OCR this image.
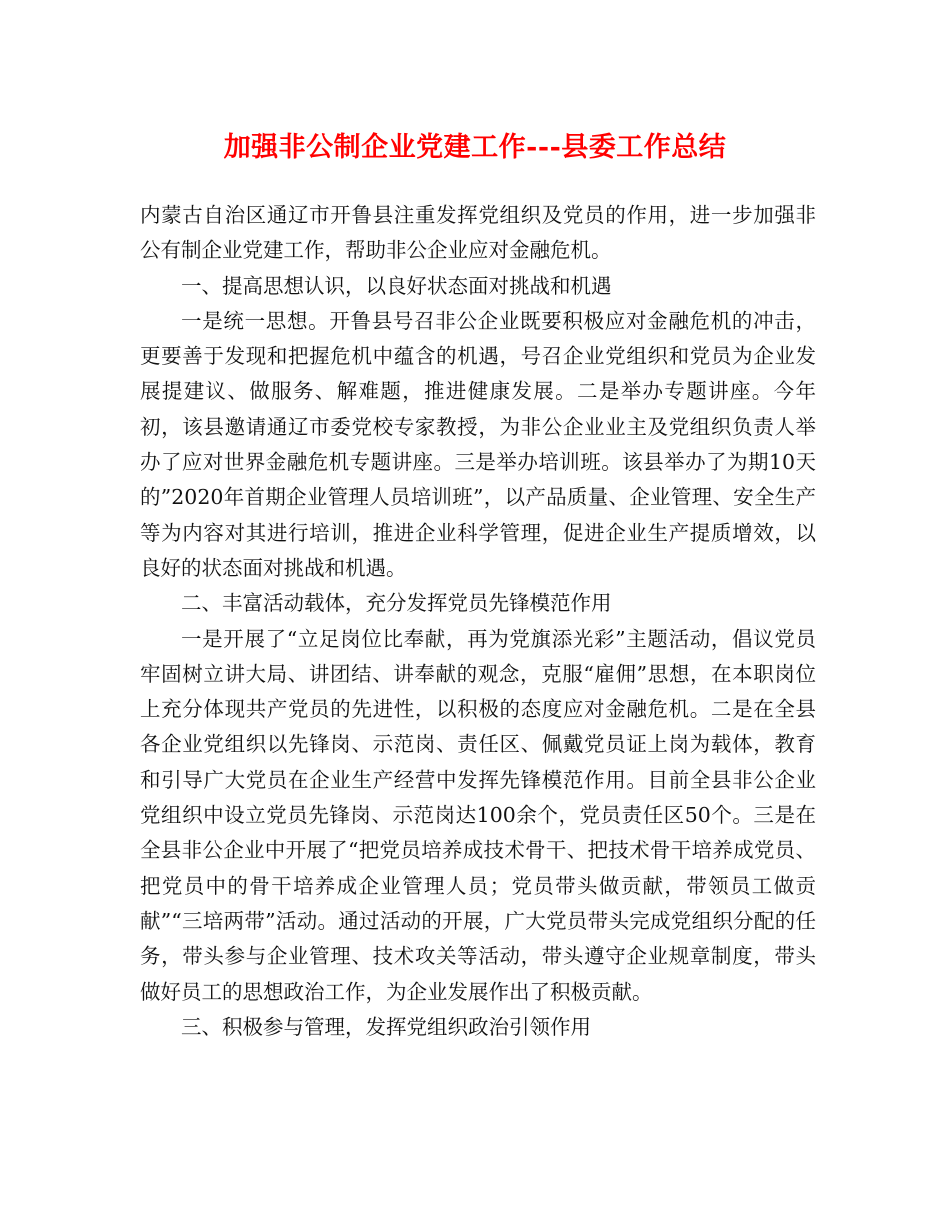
加强非公制企业党建工作---县委工作总结

内蒙古自治区通辽市开鲁县注重发挥党组织及党员的作用，进一步加强非公有制企业党建工作，帮助非公企业应对金融危机。

一、提高思想认识，以良好状态面对挑战和机遇

一是统一思想。开鲁县号召非公企业既要积极应对金融危机的冲击，更要善于发现和把握危机中蕴含的机遇，号召企业党组织和党员为企业发展提建议、做服务、解难题，推进健康发展。二是举办专题讲座。今年初，该县邀请通辽市委党校专家教授，为非公企业业主及党组织负责人举办了应对世界金融危机专题讲座。三是举办培训班。该县举办了为期10天的”2020年首期企业管理人员培训班”，以产品质量、企业管理、安全生产等为内容对其进行培训，推进企业科学管理，促进企业生产提质增效，以良好的状态面对挑战和机遇。

二、丰富活动载体，充分发挥党员先锋模范作用

一是开展了“立足岗位比奉献，再为党旗添光彩”主题活动，倡议党员牢固树立讲大局、讲团结、讲奉献的观念，克服“雇佣”思想，在本职岗位上充分体现共产党员的先进性，以积极的态度应对金融危机。二是在全县各企业党组织以先锋岗、示范岗、责任区、佩戴党员证上岗为载体，教育和引导广大党员在企业生产经营中发挥先锋模范作用。目前全县非公企业党组织中设立党员先锋岗、示范岗达100余个，党员责任区50个。三是在全县非公企业中开展了“把党员培养成技术骨干、把技术骨干培养成党员、把党员中的骨干培养成企业管理人员；党员带头做贡献，带领员工做贡献”“三培两带”活动。通过活动的开展，广大党员带头完成党组织分配的任务，带头参与企业管理、技术攻关等活动，带头遵守企业规章制度，带头做好员工的思想政治工作，为企业发展作出了积极贡献。

三、积极参与管理，发挥党组织政治引领作用
